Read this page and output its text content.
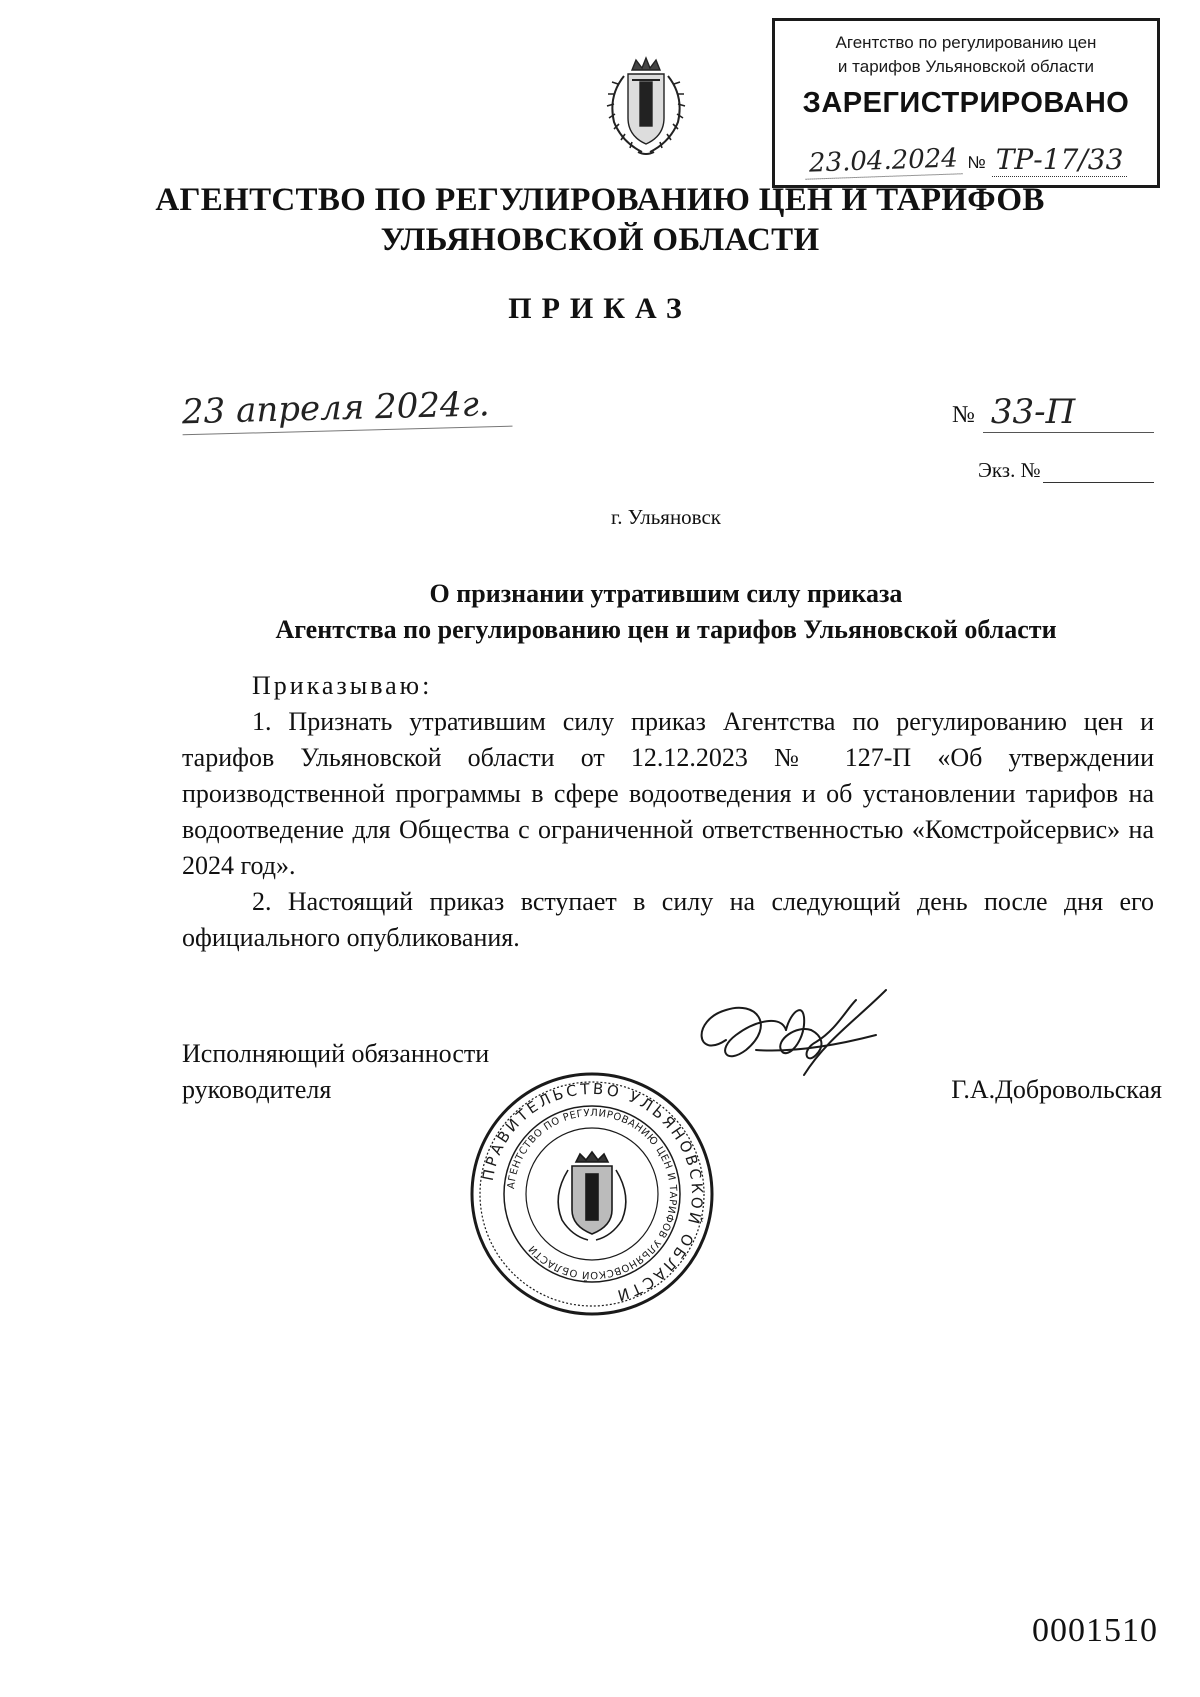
Агентство по регулированию цен
и тарифов Ульяновской области
ЗАРЕГИСТРИРОВАНО
23.04.2024 № ТР-17/33
АГЕНТСТВО ПО РЕГУЛИРОВАНИЮ ЦЕН И ТАРИФОВ
УЛЬЯНОВСКОЙ ОБЛАСТИ
ПРИКАЗ
23 апреля 2024г.	№ 33-П
Экз. №
г. Ульяновск
О признании утратившим силу приказа
Агентства по регулированию цен и тарифов Ульяновской области
Приказываю:

1. Признать утратившим силу приказ Агентства по регулированию цен и тарифов Ульяновской области от 12.12.2023 № 127-П «Об утверждении производственной программы в сфере водоотведения и об установлении тарифов на водоотведение для Общества с ограниченной ответственностью «Комстройсервис» на 2024 год».

2. Настоящий приказ вступает в силу на следующий день после дня его официального опубликования.

Исполняющий обязанности
руководителя	Г.А.Добровольская
ПРАВИТЕЛЬСТВО УЛЬЯНОВСКОЙ ОБЛАСТИ
АГЕНТСТВО ПО РЕГУЛИРОВАНИЮ ЦЕН И ТАРИФОВ УЛЬЯНОВСКОЙ ОБЛАСТИ
0001510
